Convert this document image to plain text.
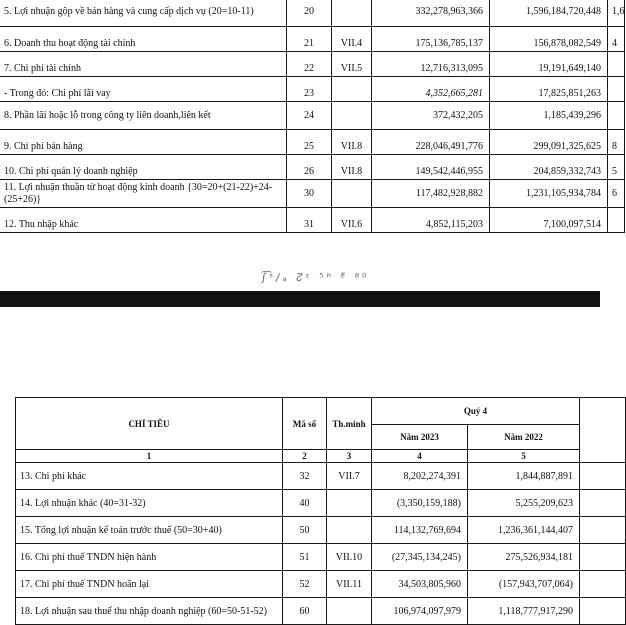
5. Lợi nhuận gộp về bán hàng và cung cấp dịch vụ (20=10-11)	20		332,278,963,366	1,596,184,720,448	1,6
6. Doanh thu hoạt động tài chính	21	VII.4	175,136,785,137	156,878,082,549	4
7. Chi phí tài chính	22	VII.5	12,716,313,095	19,191,649,140	
- Trong đó: Chi phí lãi vay	23		4,352,665,281	17,825,851,263	
8. Phần lãi hoặc lỗ trong công ty liên doanh,liên kết	24		372,432,205	1,185,439,296	
9. Chi phí bán hàng	25	VII.8	228,046,491,776	299,091,325,625	8
10. Chi phí quản lý doanh nghiệp	26	VII.8	149,542,446,955	204,859,332,743	5
11. Lợi nhuận thuần từ hoạt động kinh doanh {30=20+(21-22)+24-(25+26)}	30		117,482,928,882	1,231,105,934,784	6
12. Thu nhập khác	31	VII.6	4,852,115,203	7,100,097,514	
ʃ͡ˢ/ₐ ↊ᵋ ⁵ʰ ᵉ̃ ⁸⁰
CHỈ TIÊU	Mã số	Th.minh	Quý 4		
			Năm 2023	Năm 2022	
1	2	3	4	5	
13. Chi phí khác	32	VII.7	8,202,274,391	1,844,887,891	
14. Lợi nhuận khác (40=31-32)	40		(3,350,159,188)	5,255,209,623	
15. Tổng lợi nhuận kế toán trước thuế (50=30+40)	50		114,132,769,694	1,236,361,144,407	
16. Chi phí thuế TNDN hiện hành	51	VII.10	(27,345,134,245)	275,526,934,181	
17. Chi phí thuế TNDN hoãn lại	52	VII.11	34,503,805,960	(157,943,707,064)	
18. Lợi nhuận sau thuế thu nhập doanh nghiệp (60=50-51-52)	60		106,974,097,979	1,118,777,917,290	
